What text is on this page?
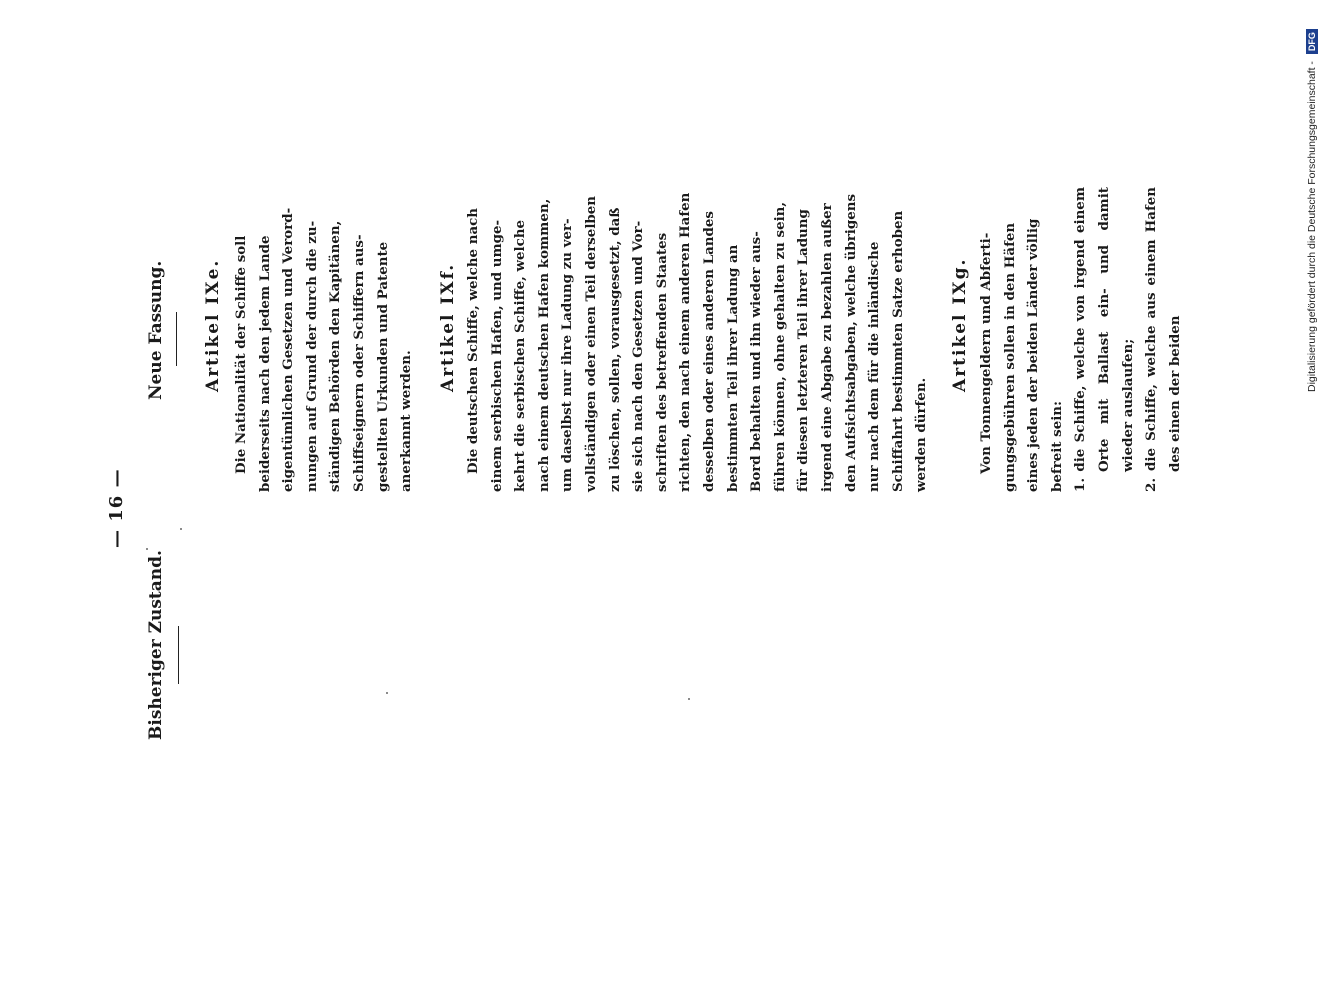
Bisheriger Zustand.
— 16 —
Neue Fassung. Artikel IXe. Die Nationalität der Schiffe soll beiderseits nach den jedem Lande eigentümlichen Gesetzen und Verord- nungen auf Grund der durch die zu- ständigen Behörden den Kapitänen, Schiffseignern oder Schiffern aus- gestellten Urkunden und Patente anerkannt werden.

Artikel IXf. Die deutschen Schiffe, welche nach einem serbischen Hafen, und umge- kehrt die serbischen Schiffe, welche nach einem deutschen Hafen kommen, um daselbst nur ihre Ladung zu ver- vollständigen oder einen Teil derselben zu löschen, sollen, vorausgesetzt, daß sie sich nach den Gesetzen und Vor- schriften des betreffenden Staates richten, den nach einem anderen Hafen desselben oder eines anderen Landes bestimmten Teil ihrer Ladung an Bord behalten und ihn wieder aus- führen können, ohne gehalten zu sein, für diesen letzteren Teil ihrer Ladung irgend eine Abgabe zu bezahlen außer den Aufsichtsabgaben, welche übrigens nur nach dem für die inländische Schiffahrt bestimmten Satze erhoben werden dürfen.

Artikel IXg. Von Tonnengeldern und Abferti- gungsgebühren sollen in den Häfen eines jeden der beiden Länder völlig befreit sein: 1. die Schiffe, welche von irgend einem Orte mit Ballast ein- und damit wieder auslaufen; 2. die Schiffe, welche aus einem Hafen des einen der beiden

Digitalisierung gefördert durch die Deutsche Forschungsgemeinschaft - DFG
